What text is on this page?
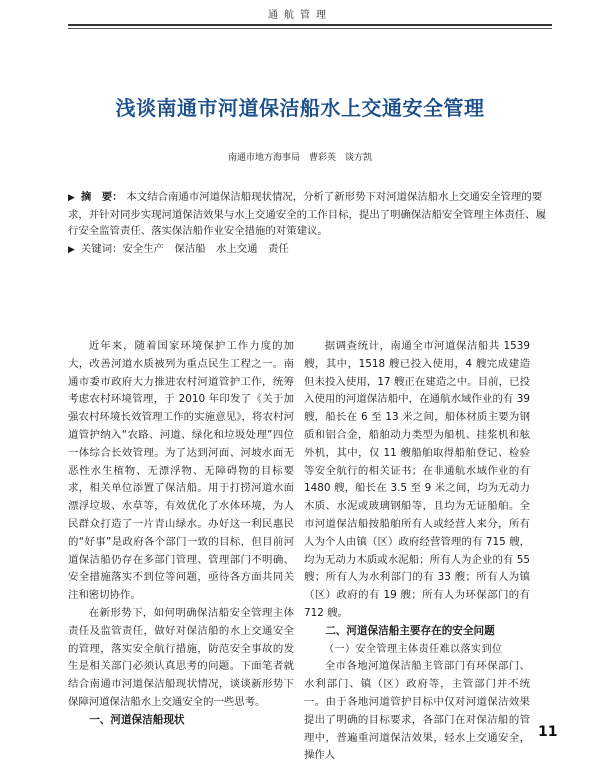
通航管理
浅谈南通市河道保洁船水上交通安全管理
南通市地方海事局　曹彩英　谈方凯

▶ 摘　要： 本文结合南通市河道保洁船现状情况，分析了新形势下对河道保洁船水上交通安全管理的要求，并针对同步实现河道保洁效果与水上交通安全的工作目标，提出了明确保洁船安全管理主体责任、履行安全监管责任、落实保洁船作业安全措施的对策建议。

▶ 关键词：安全生产　保洁船　水上交通　责任

近年来，随着国家环境保护工作力度的加大，改善河道水质被列为重点民生工程之一。南通市委市政府大力推进农村河道管护工作，统筹考虑农村环境管理，于 2010 年印发了《关于加强农村环境长效管理工作的实施意见》，将农村河道管护纳入“农路、河道、绿化和垃圾处理”四位一体综合长效管理。为了达到河面、河坡水面无恶性水生植物、无漂浮物、无障碍物的目标要求，相关单位添置了保洁船。用于打捞河道水面漂浮垃圾、水草等，有效优化了水体环境，为人民群众打造了一片青山绿水。办好这一利民惠民的“好事”是政府各个部门一致的目标，但目前河道保洁船仍存在多部门管理、管理部门不明确、安全措施落实不到位等问题，亟待各方面共同关注和密切协作。

在新形势下，如何明确保洁船安全管理主体责任及监管责任，做好对保洁船的水上交通安全的管理，落实安全航行措施，防范安全事故的发生是相关部门必须认真思考的问题。下面笔者就结合南通市河道保洁船现状情况，谈谈新形势下保障河道保洁船水上交通安全的一些思考。

一、河道保洁船现状

据调查统计，南通全市河道保洁船共 1539 艘，其中，1518 艘已投入使用，4 艘完成建造但未投入使用，17 艘正在建造之中。目前，已投入使用的河道保洁船中，在通航水域作业的有 39 艘，船长在 6 至 13 米之间，船体材质主要为钢质和铝合金，船舶动力类型为船机、挂浆机和舷外机，其中，仅 11 艘船舶取得船舶登记、检验等安全航行的相关证书；在非通航水域作业的有 1480 艘，船长在 3.5 至 9 米之间，均为无动力木质、水泥或玻璃钢船等，且均为无证船舶。全市河道保洁船按船舶所有人或经营人来分，所有人为个人由镇（区）政府经营管理的有 715 艘，均为无动力木质或水泥船；所有人为企业的有 55 艘；所有人为水利部门的有 33 艘；所有人为镇（区）政府的有 19 艘；所有人为环保部门的有 712 艘。

二、河道保洁船主要存在的安全问题

（一）安全管理主体责任难以落实到位

全市各地河道保洁船主管部门有环保部门、水利部门、镇（区）政府等，主管部门并不统一。由于各地河道管护目标中仅对河道保洁效果提出了明确的目标要求，各部门在对保洁船的管理中，普遍重河道保洁效果，轻水上交通安全，操作人

11
